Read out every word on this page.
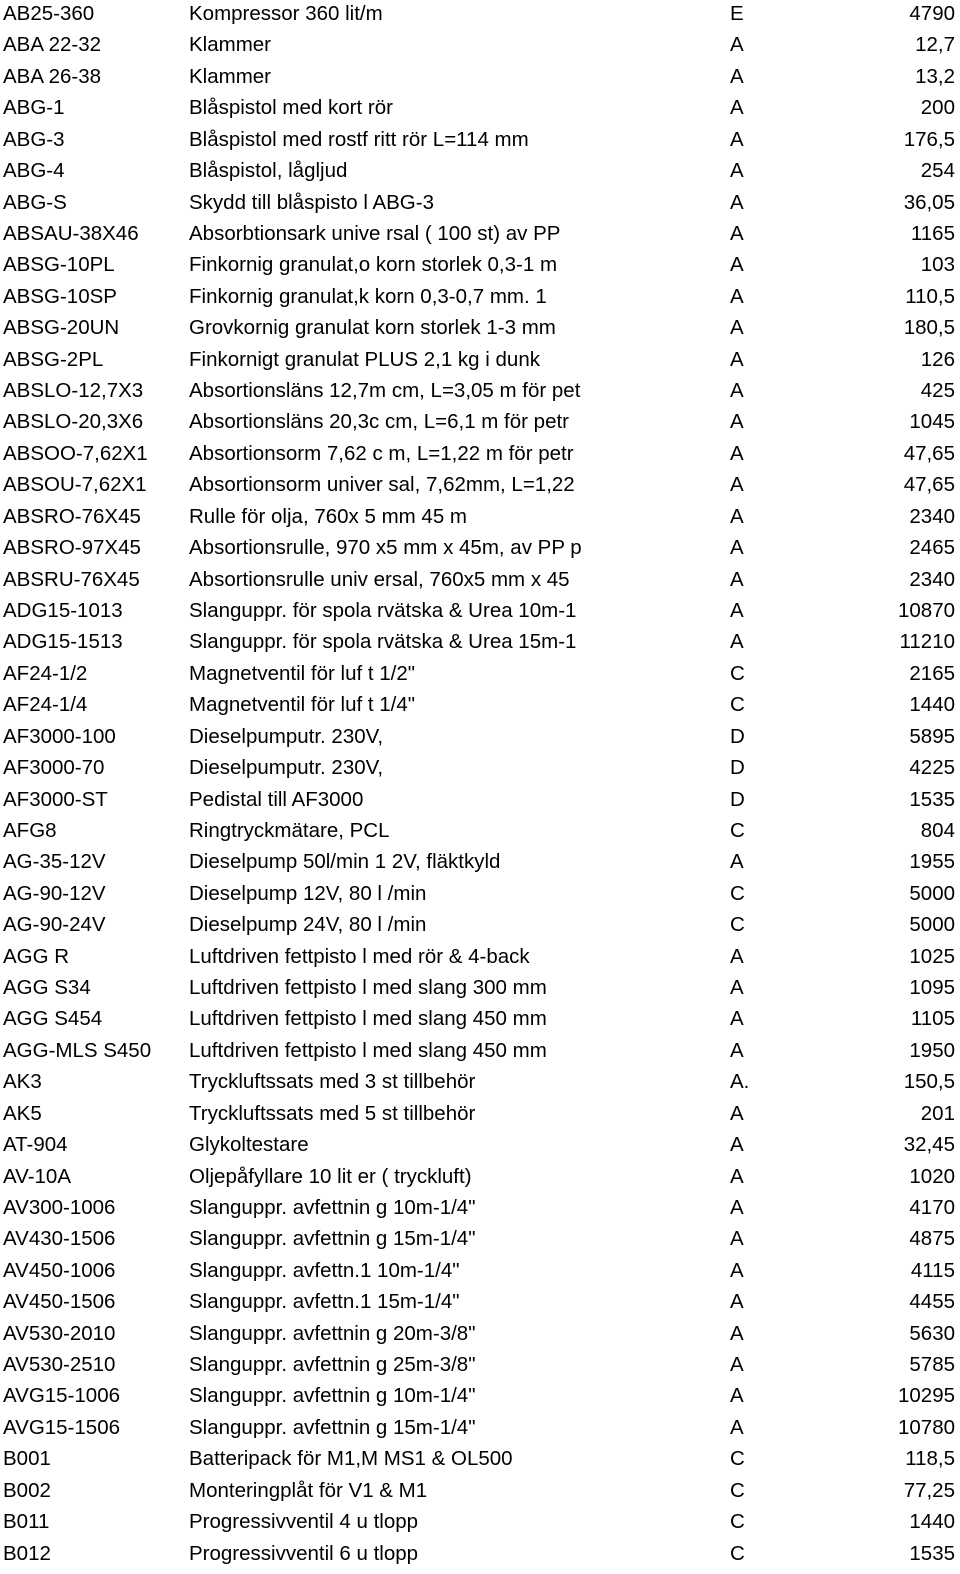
AB25-360	Kompressor 360 lit/m	E	4790
ABA 22-32	Klammer	A	12,7
ABA 26-38	Klammer	A	13,2
ABG-1	Blåspistol med kort rör	A	200
ABG-3	Blåspistol med rostf ritt rör L=114 mm	A	176,5
ABG-4	Blåspistol, lågljud	A	254
ABG-S	Skydd till blåspisto l ABG-3	A	36,05
ABSAU-38X46	Absorbtionsark unive rsal ( 100 st) av PP	A	1165
ABSG-10PL	Finkornig granulat,o korn storlek 0,3-1 m	A	103
ABSG-10SP	Finkornig granulat,k korn 0,3-0,7 mm. 1	A	110,5
ABSG-20UN	Grovkornig granulat korn storlek 1-3 mm	A	180,5
ABSG-2PL	Finkornigt granulat PLUS 2,1 kg i dunk	A	126
ABSLO-12,7X3	Absortionsläns 12,7m cm, L=3,05 m för pet	A	425
ABSLO-20,3X6	Absortionsläns 20,3c cm, L=6,1 m för petr	A	1045
ABSOO-7,62X1	Absortionsorm 7,62 c m, L=1,22 m för petr	A	47,65
ABSOU-7,62X1	Absortionsorm univer sal, 7,62mm, L=1,22	A	47,65
ABSRO-76X45	Rulle för olja, 760x 5 mm 45 m	A	2340
ABSRO-97X45	Absortionsrulle, 970 x5 mm x 45m, av PP p	A	2465
ABSRU-76X45	Absortionsrulle univ ersal, 760x5 mm x 45	A	2340
ADG15-1013	Slanguppr. för spola rvätska & Urea 10m-1	A	10870
ADG15-1513	Slanguppr. för spola rvätska & Urea 15m-1	A	11210
AF24-1/2	Magnetventil för luf t 1/2"	C	2165
AF24-1/4	Magnetventil för luf t 1/4"	C	1440
AF3000-100	Dieselpumputr. 230V,	D	5895
AF3000-70	Dieselpumputr. 230V,	D	4225
AF3000-ST	Pedistal till AF3000	D	1535
AFG8	Ringtryckmätare, PCL	C	804
AG-35-12V	Dieselpump 50l/min 1 2V, fläktkyld	A	1955
AG-90-12V	Dieselpump 12V, 80 l /min	C	5000
AG-90-24V	Dieselpump 24V, 80 l /min	C	5000
AGG R	Luftdriven fettpisto l med rör & 4-back	A	1025
AGG S34	Luftdriven fettpisto l med slang 300 mm	A	1095
AGG S454	Luftdriven fettpisto l med slang 450 mm	A	1105
AGG-MLS S450	Luftdriven fettpisto l med slang 450 mm	A	1950
AK3	Tryckluftssats med 3 st tillbehör	A.	150,5
AK5	Tryckluftssats med 5 st tillbehör	A	201
AT-904	Glykoltestare	A	32,45
AV-10A	Oljepåfyllare 10 lit er ( tryckluft)	A	1020
AV300-1006	Slanguppr. avfettnin g 10m-1/4"	A	4170
AV430-1506	Slanguppr. avfettnin g 15m-1/4"	A	4875
AV450-1006	Slanguppr. avfettn.1 10m-1/4"	A	4115
AV450-1506	Slanguppr. avfettn.1 15m-1/4"	A	4455
AV530-2010	Slanguppr. avfettnin g 20m-3/8"	A	5630
AV530-2510	Slanguppr. avfettnin g 25m-3/8"	A	5785
AVG15-1006	Slanguppr. avfettnin g 10m-1/4"	A	10295
AVG15-1506	Slanguppr. avfettnin g 15m-1/4"	A	10780
B001	Batteripack för M1,M MS1 & OL500	C	118,5
B002	Monteringplåt för V1 & M1	C	77,25
B011	Progressivventil 4 u tlopp	C	1440
B012	Progressivventil 6 u tlopp	C	1535
